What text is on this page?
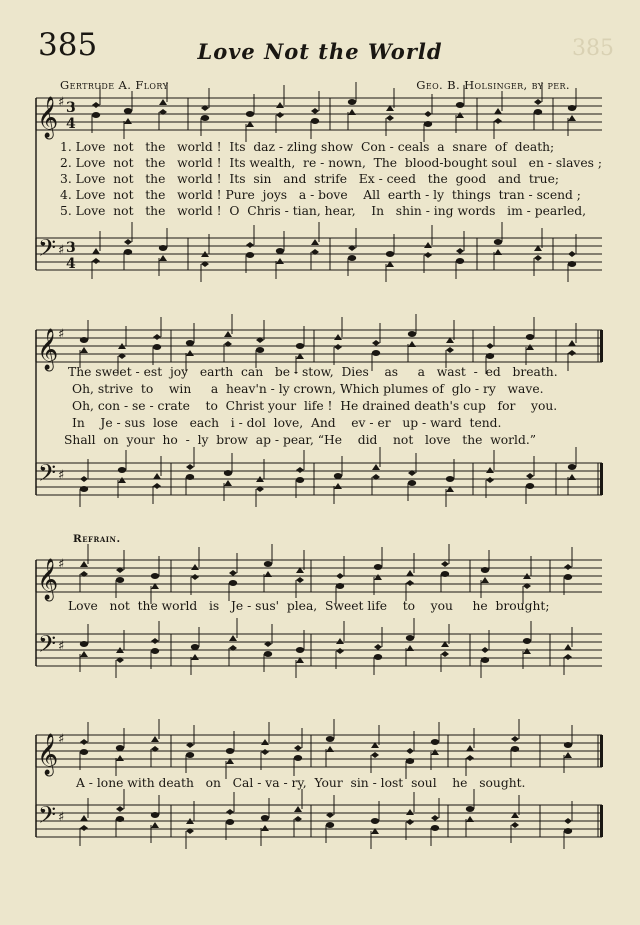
385	Love Not the World	385
Gertrude A. Flory	Geo. B. Holsinger, by per.
𝄞 ♯ 3
4
𝄢 ♯ 3
4
𝄞 ♯
𝄢 ♯
𝄞 ♯
𝄢 ♯
𝄞 ♯
𝄢 ♯
1. Love  not   the   world !  Its  daz - zling show  Con - ceals  a  snare  of  death;
2. Love  not   the   world !  Its wealth,  re - nown,  The  blood-bought soul   en - slaves ;
3. Love  not   the   world !  Its  sin   and  strife   Ex - ceed   the  good   and  true;
4. Love  not   the   world ! Pure  joys   a - bove    All  earth - ly  things  tran - scend ;
5. Love  not   the   world !  O  Chris - tian, hear,    In   shin - ing words   im - pearled,
The sweet - est  joy   earth  can   be - stow,  Dies    as     a   wast  -  ed   breath.
Oh, strive  to    win     a  heav'n - ly crown, Which plumes of  glo - ry   wave.
Oh, con - se - crate    to  Christ your  life !  He drained death's cup   for    you.
In    Je - sus  lose   each   i - dol  love,  And    ev - er   up - ward  tend.
Shall  on  your  ho  -  ly  brow  ap - pear, “He    did    not   love   the  world.”
Refrain.
Love   not  the world   is   Je - sus'  plea,  Sweet life    to    you     he  brought;
A - lone with death   on   Cal - va - ry,  Your  sin - lost  soul    he   sought.
